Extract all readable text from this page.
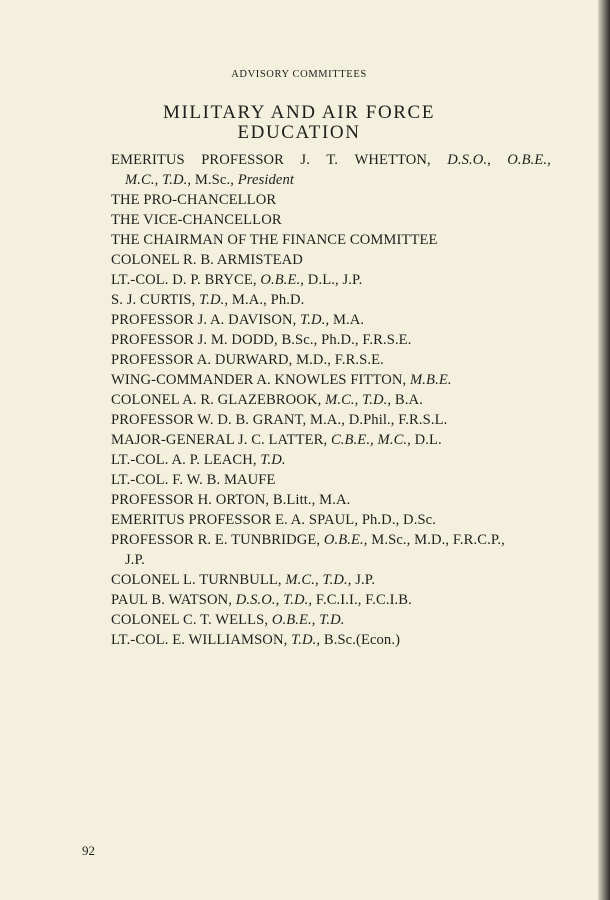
ADVISORY COMMITTEES
MILITARY AND AIR FORCE
EDUCATION
EMERITUS PROFESSOR J. T. WHETTON, D.S.O., O.B.E.,
M.C., T.D., M.Sc., President
THE PRO-CHANCELLOR
THE VICE-CHANCELLOR
THE CHAIRMAN OF THE FINANCE COMMITTEE
COLONEL R. B. ARMISTEAD
LT.-COL. D. P. BRYCE, O.B.E., D.L., J.P.
S. J. CURTIS, T.D., M.A., Ph.D.
PROFESSOR J. A. DAVISON, T.D., M.A.
PROFESSOR J. M. DODD, B.Sc., Ph.D., F.R.S.E.
PROFESSOR A. DURWARD, M.D., F.R.S.E.
WING-COMMANDER A. KNOWLES FITTON, M.B.E.
COLONEL A. R. GLAZEBROOK, M.C., T.D., B.A.
PROFESSOR W. D. B. GRANT, M.A., D.Phil., F.R.S.L.
MAJOR-GENERAL J. C. LATTER, C.B.E., M.C., D.L.
LT.-COL. A. P. LEACH, T.D.
LT.-COL. F. W. B. MAUFE
PROFESSOR H. ORTON, B.Litt., M.A.
EMERITUS PROFESSOR E. A. SPAUL, Ph.D., D.Sc.
PROFESSOR R. E. TUNBRIDGE, O.B.E., M.Sc., M.D., F.R.C.P.,
J.P.
COLONEL L. TURNBULL, M.C., T.D., J.P.
PAUL B. WATSON, D.S.O., T.D., F.C.I.I., F.C.I.B.
COLONEL C. T. WELLS, O.B.E., T.D.
LT.-COL. E. WILLIAMSON, T.D., B.Sc.(Econ.)
92
